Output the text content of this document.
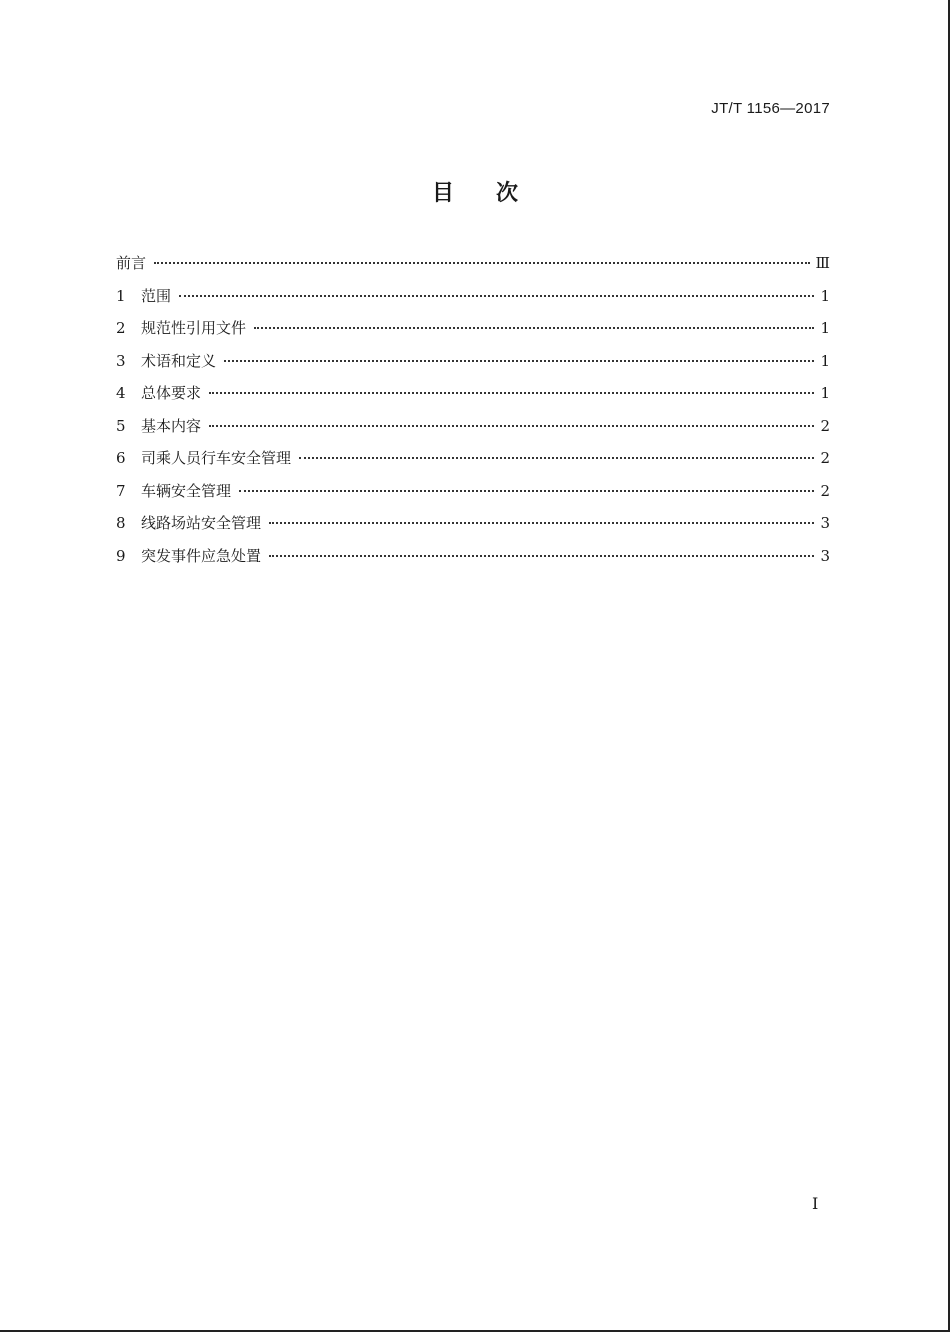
JT/T 1156—2017
目 次
前言	Ⅲ
1	范围	1
2	规范性引用文件	1
3	术语和定义	1
4	总体要求	1
5	基本内容	2
6	司乘人员行车安全管理	2
7	车辆安全管理	2
8	线路场站安全管理	3
9	突发事件应急处置	3
I
